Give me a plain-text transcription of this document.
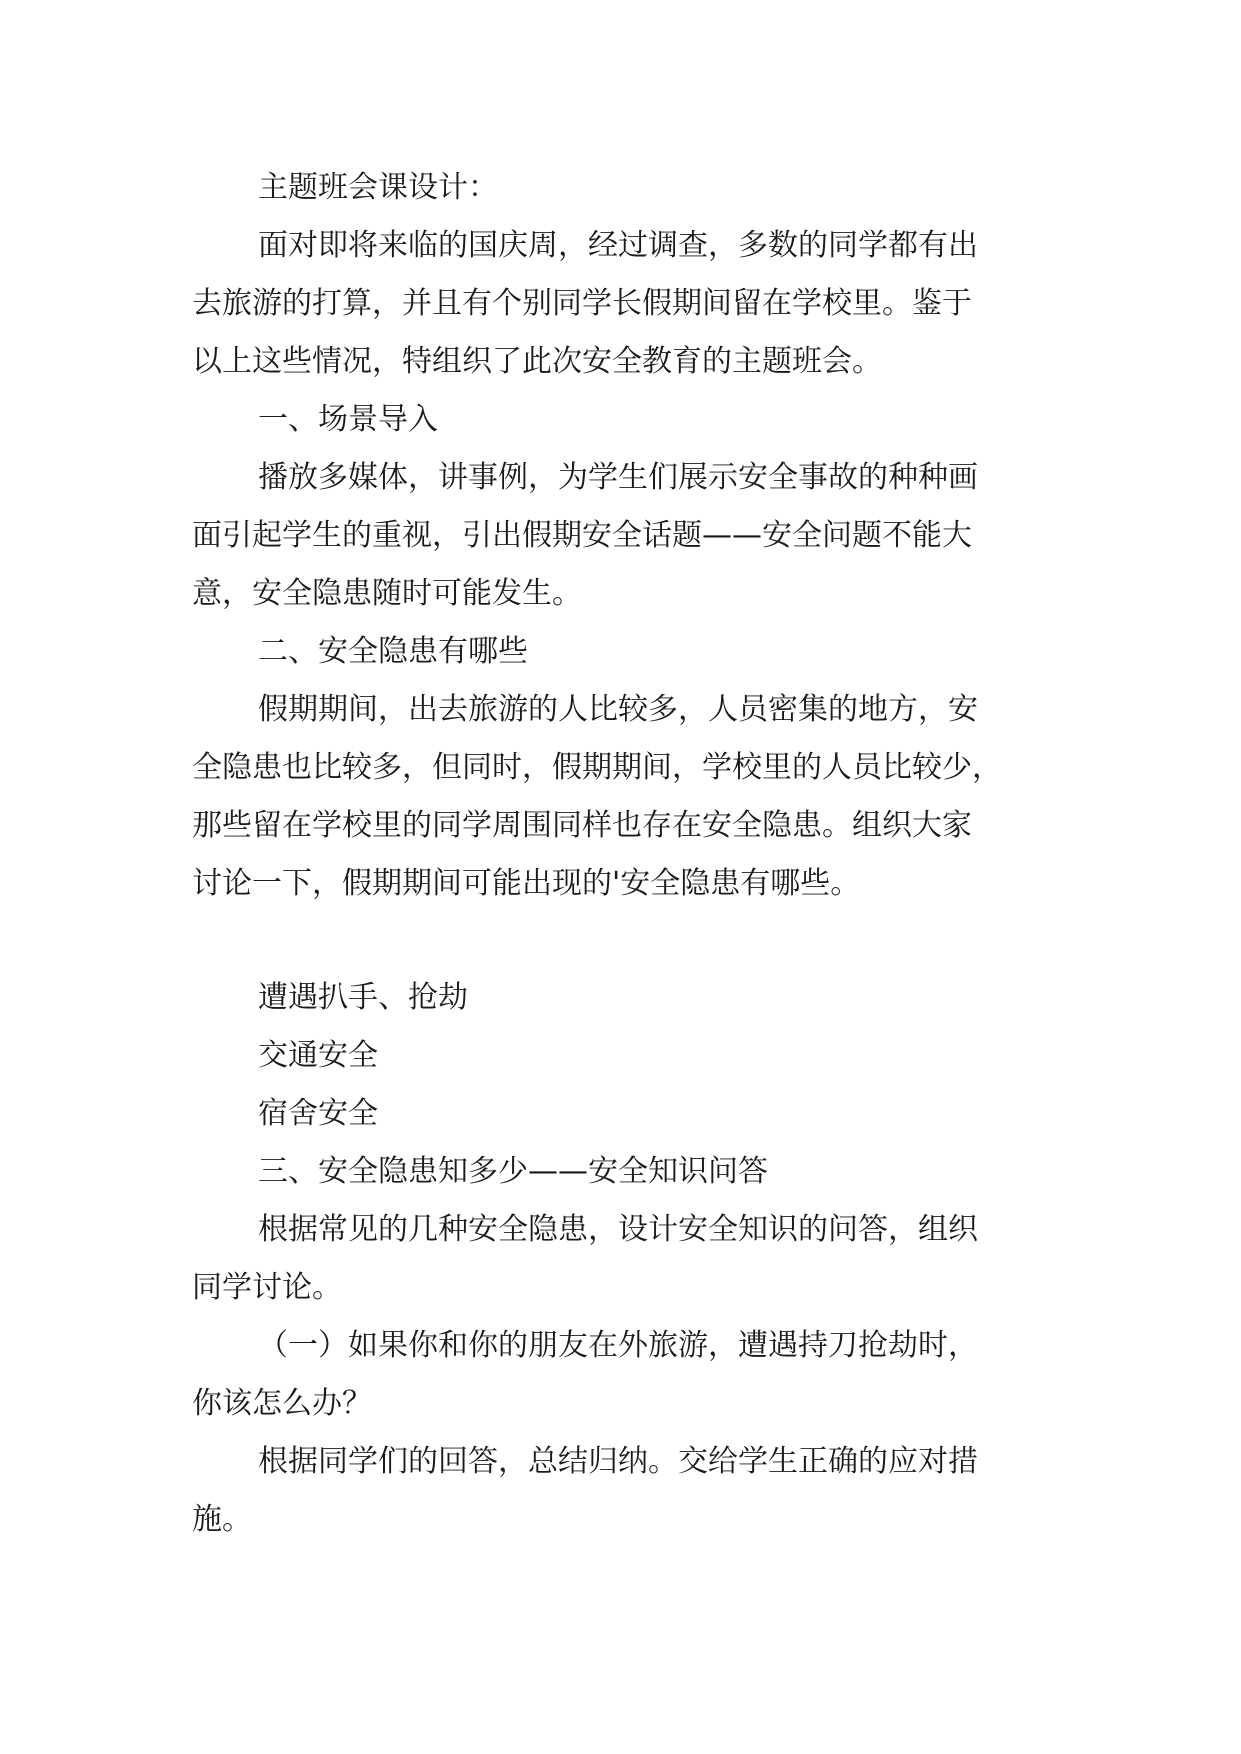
主题班会课设计：
面对即将来临的国庆周，经过调查，多数的同学都有出
去旅游的打算，并且有个别同学长假期间留在学校里。鉴于
以上这些情况，特组织了此次安全教育的主题班会。
一、场景导入
播放多媒体，讲事例，为学生们展示安全事故的种种画
面引起学生的重视，引出假期安全话题——安全问题不能大
意，安全隐患随时可能发生。
二、安全隐患有哪些
假期期间，出去旅游的人比较多，人员密集的地方，安
全隐患也比较多，但同时，假期期间，学校里的人员比较少，
那些留在学校里的同学周围同样也存在安全隐患。组织大家
讨论一下，假期期间可能出现的'安全隐患有哪些。
遭遇扒手、抢劫
交通安全
宿舍安全
三、安全隐患知多少——安全知识问答
根据常见的几种安全隐患，设计安全知识的问答，组织
同学讨论。
（一）如果你和你的朋友在外旅游，遭遇持刀抢劫时，
你该怎么办？
根据同学们的回答，总结归纳。交给学生正确的应对措
施。
